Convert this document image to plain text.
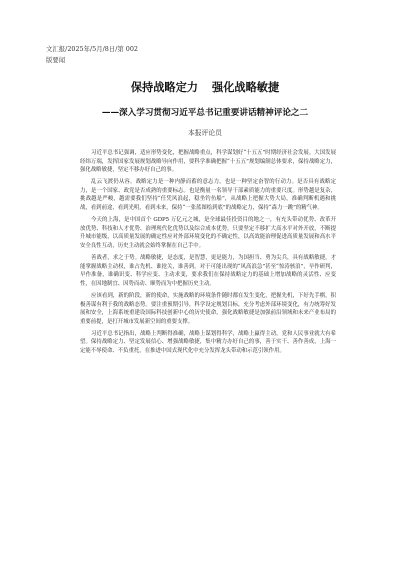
文汇报/2025年/5月/8日/第 002
版要闻
保持战略定力 强化战略敏捷
——深入学习贯彻习近平总书记重要讲话精神评论之二
本报评论员

习近平总书记强调，适应形势变化，把握战略重点，科学谋划好“十五五”时期经济社会发展。大国发展经纬万端，发挥国家发展规划战略导向作用，要科学准确把握“十五五”规划编制总体要求，保持战略定力，强化战略敏捷，坚定不移办好自己的事。

乱云飞渡仍从容。战略定力是一种内静而蓄的意志力，也是一种坚定奋智的行动力。是否具有战略定力，是一个国家、政党是否成熟的重要标志。也是衡量一名领导干部素质能力的重要尺度。形势越是复杂，挑战越是严峻，越需要我们坚持“任凭风浪起，稳坐钓鱼船”，从战略上把握大势大局，准确判断机遇和挑战，看到前途，看到光明，看到未来，保持“一张蓝图绘到底”的战略定力，保持“森力一跳”的精气神。

今天的上海，是中国首个 GDP5 万亿元之城，是全球最佳投资目的地之一，有充头带动优势、改革开放优势、科技和人才优势、治理现代化优势以及综合成本优势。只要坚定不移扩大高水平对外开放，不断提升城市能级，以高质量发展的确定性应对外部环境变化的不确定性，以高效能治理促进高质量发展和高水平安全良性互动，历史主动就会始终掌握在自己手中。

善战者，求之于势。战略敏捷，是态度，是智慧，更是能力，为国担当、勇为尖兵，具有战略敏捷，才能掌握战略主动权，谁占先机、谁抢关，谁善到。对于可能出现的“风高浪急”甚至“惊涛骇浪”，早作研判，早作准备，谁确识变、科学应变、主动求变，要求我们在保持战略定力的基础上增加战略的灵活性、应变性，在因地制宜、因势而动、顺势而为中把握历史主动。

应该看到，新的阶段，新的使命，实施战略的环境条件随时都在发生变化，把握先机，下好先手棋，积极善谋有利于我的战略态势。要注重预期引导，科学设定规划目标，充分考虑外部环境变化，有力统筹好发展和安全，上海系统重建设国际科技创新中心的历史使命，强化战略敏捷是加强前沿领域和未来产业布局的重要前提，是打开城市发展新空间的重要支撑。

习近平总书记指出，战略上判断得准确，战略上谋划得科学，战略上赢得主动，党和人民事业就大有希望。保持战略定力、坚定发展信心、增强战略敏捷，集中精力办好自己的事，善于实干、善作善成，上海一定能不辱使命、不负重托，在推进中国式现代化中充分发挥龙头带动和示范引领作用。
